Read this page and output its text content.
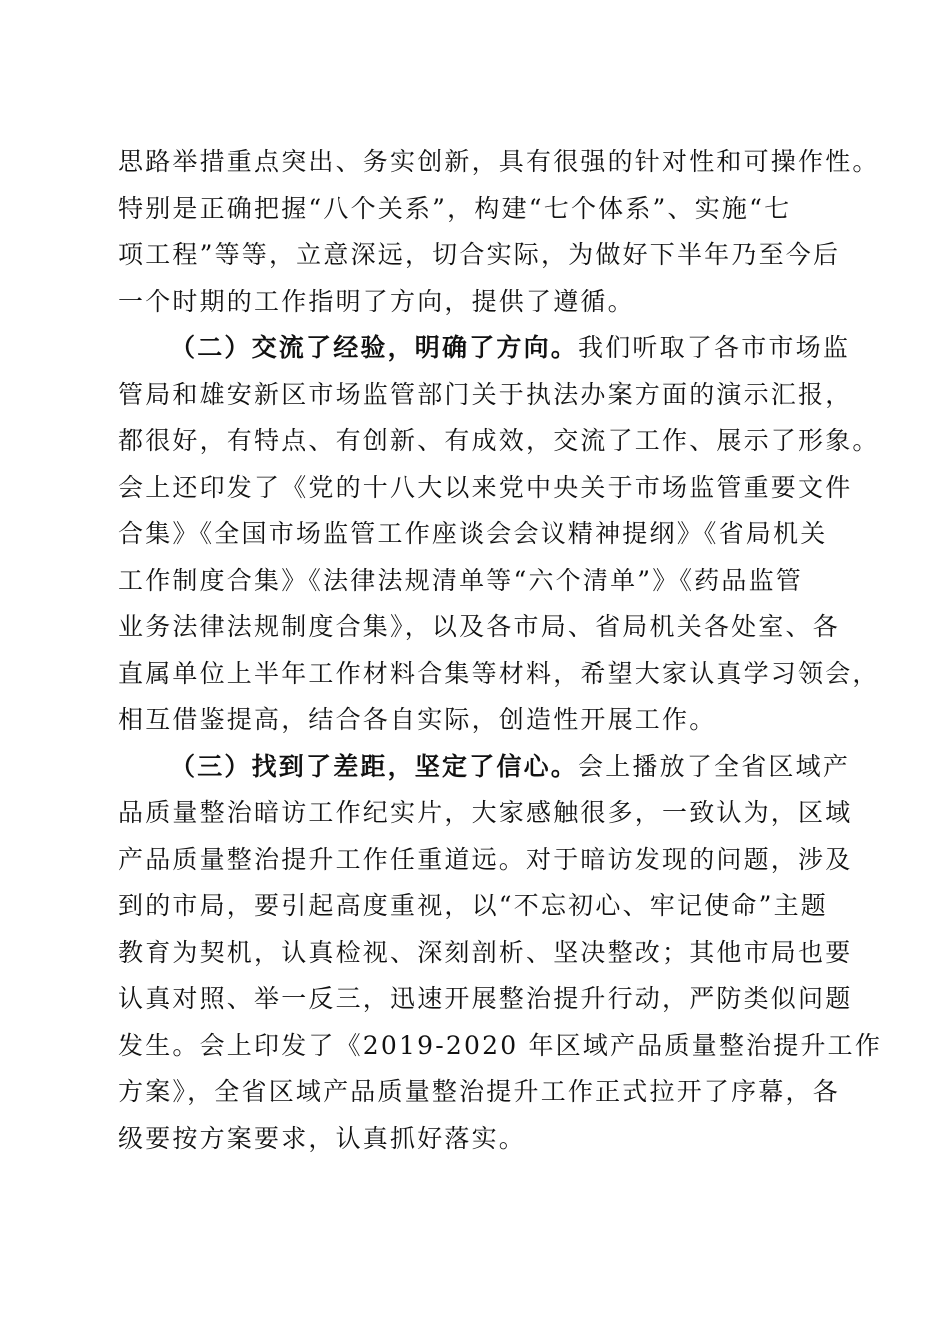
思路举措重点突出、务实创新，具有很强的针对性和可操作性。
特别是正确把握“八个关系”，构建“七个体系”、实施“七
项工程”等等，立意深远，切合实际，为做好下半年乃至今后
一个时期的工作指明了方向，提供了遵循。
（二）交流了经验，明确了方向。我们听取了各市市场监
管局和雄安新区市场监管部门关于执法办案方面的演示汇报，
都很好，有特点、有创新、有成效，交流了工作、展示了形象。
会上还印发了《党的十八大以来党中央关于市场监管重要文件
合集》《全国市场监管工作座谈会会议精神提纲》《省局机关
工作制度合集》《法律法规清单等“六个清单”》《药品监管
业务法律法规制度合集》，以及各市局、省局机关各处室、各
直属单位上半年工作材料合集等材料，希望大家认真学习领会，
相互借鉴提高，结合各自实际，创造性开展工作。
（三）找到了差距，坚定了信心。会上播放了全省区域产
品质量整治暗访工作纪实片，大家感触很多，一致认为，区域
产品质量整治提升工作任重道远。对于暗访发现的问题，涉及
到的市局，要引起高度重视，以“不忘初心、牢记使命”主题
教育为契机，认真检视、深刻剖析、坚决整改；其他市局也要
认真对照、举一反三，迅速开展整治提升行动，严防类似问题
发生。会上印发了《2019-2020 年区域产品质量整治提升工作
方案》，全省区域产品质量整治提升工作正式拉开了序幕，各
级要按方案要求，认真抓好落实。
